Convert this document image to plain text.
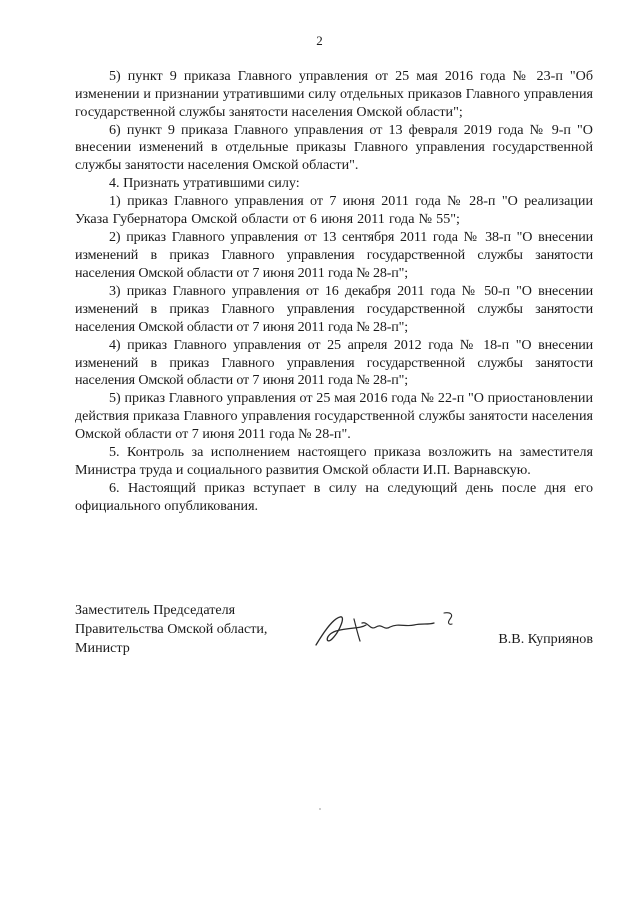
2

5) пункт 9 приказа Главного управления от 25 мая 2016 года № 23-п "Об изменении и признании утратившими силу отдельных приказов Главного управления государственной службы занятости населения Омской области";

6) пункт 9 приказа Главного управления от 13 февраля 2019 года № 9-п "О внесении изменений в отдельные приказы Главного управления государственной службы занятости населения Омской области".

4. Признать утратившими силу:

1) приказ Главного управления от 7 июня 2011 года № 28-п "О реализации Указа Губернатора Омской области от 6 июня 2011 года № 55";

2) приказ Главного управления от 13 сентября 2011 года № 38-п "О внесении изменений в приказ Главного управления государственной службы занятости населения Омской области от 7 июня 2011 года № 28-п";

3) приказ Главного управления от 16 декабря 2011 года № 50-п "О внесении изменений в приказ Главного управления государственной службы занятости населения Омской области от 7 июня 2011 года № 28-п";

4) приказ Главного управления от 25 апреля 2012 года № 18-п "О внесении изменений в приказ Главного управления государственной службы занятости населения Омской области от 7 июня 2011 года № 28-п";

5) приказ Главного управления от 25 мая 2016 года № 22-п "О приостановлении действия приказа Главного управления государственной службы занятости населения Омской области от 7 июня 2011 года № 28-п".

5. Контроль за исполнением настоящего приказа возложить на заместителя Министра труда и социального развития Омской области И.П. Варнавскую.

6. Настоящий приказ вступает в силу на следующий день после дня его официального опубликования.

Заместитель Председателя

Правительства Омской области,

Министр

В.В. Куприянов
